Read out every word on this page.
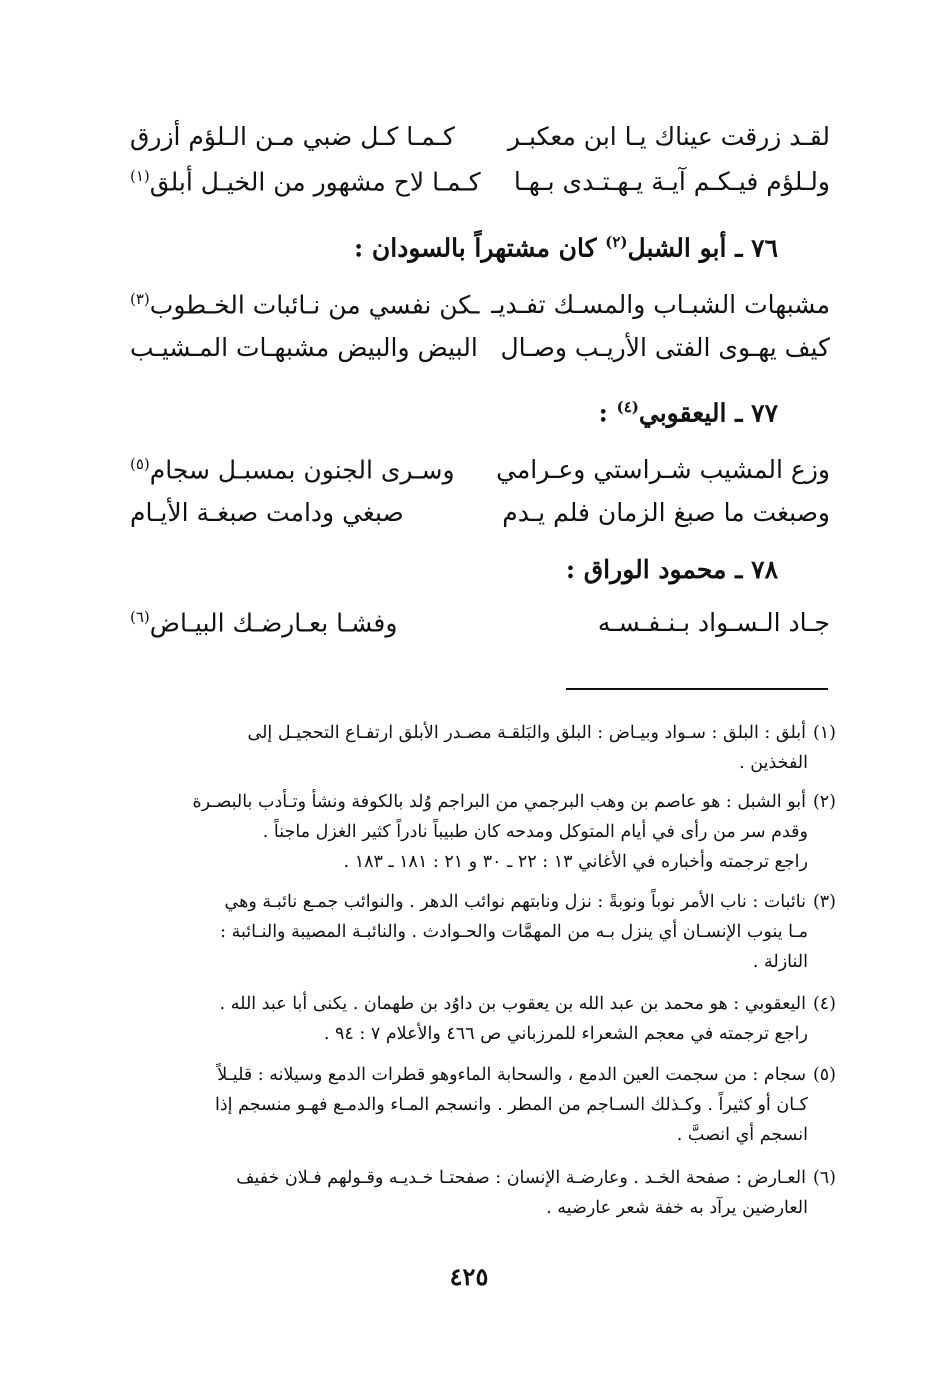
لقـد زرقت عيناك يـا ابن معكبـر
كـمـا كـل ضبي مـن الـلؤم أزرق
ولـلؤم فيـكـم آيـة يـهـتـدى بـهـا
كـمـا لاح مشهور من الخيـل أبلق$^{(١)}$
٧٦ ـ أبو الشبل$^{(٢)}$ كان مشتهراً بالسودان :
مشبهات الشبـاب والمسـك تفـديـ
ـكن نفسي من نـائبات الخـطوب$^{(٣)}$
كيف يهـوى الفتى الأريـب وصـال
البيض والبيض مشبهـات المـشيـب
٧٧ ـ اليعقوبي$^{(٤)}$ :
وزع المشيب شـراستي وعـرامي
وسـرى الجنون بمسبـل سجام$^{(٥)}$
وصبغت ما صبغ الزمان فلم يـدم
صبغي ودامت صبغـة الأيـام
٧٨ ـ محمود الوراق :
جـاد الـسـواد بـنـفـسـه
وفشـا بعـارضـك البيـاض$^{(٦)}$

(١)أبلق : البلق : سـواد وبيـاض : البلق والبَلقـة مصـدر الأبلق ارتفـاع التحجيـل إلى

الفخذين .

(٢)أبو الشبل : هو عاصم بن وهب البرجمي من البراجم وُلد بالكوفة ونشأ وتـأدب بالبصـرة

وقدم سر من رأى في أيام المتوكل ومدحه كان طبيباً نادراً كثير الغزل ماجناً .

راجع ترجمته وأخباره في الأغاني ١٣ : ٢٢ ـ ٣٠ و ٢١ : ١٨١ ـ ١٨٣ .

(٣)نائبات : ناب الأمر نوباً ونوبةً : نزل ونابتهم نوائب الدهر . والنوائب جمـع نائبـة وهي

مـا ينوب الإنسـان أي ينزل بـه من المهمَّات والحـوادث . والنائبـة المصيبة والنـائبة :

النازلة .

(٤)اليعقوبي : هو محمد بن عبد الله بن يعقوب بن داوُد بن طهمان . يكنى أبا عبد الله .

راجع ترجمته في معجم الشعراء للمرزباني ص ٤٦٦ والأعلام ٧ : ٩٤ .

(٥)سجام : من سجمت العين الدمع ، والسحابة الماءوهو قطرات الدمع وسيلانه : قليـلاً

كـان أو كثيراً . وكـذلك السـاجم من المطر . وانسجم المـاء والدمـع فهـو منسجم إذا

انسجم أي انصبَّ .

(٦)العـارض : صفحة الخـد . وعارضـة الإنسان : صفحتـا خـديـه وقـولهم فـلان خفيف

العارضين يرآد به خفة شعر عارضيه .

٤٢٥
